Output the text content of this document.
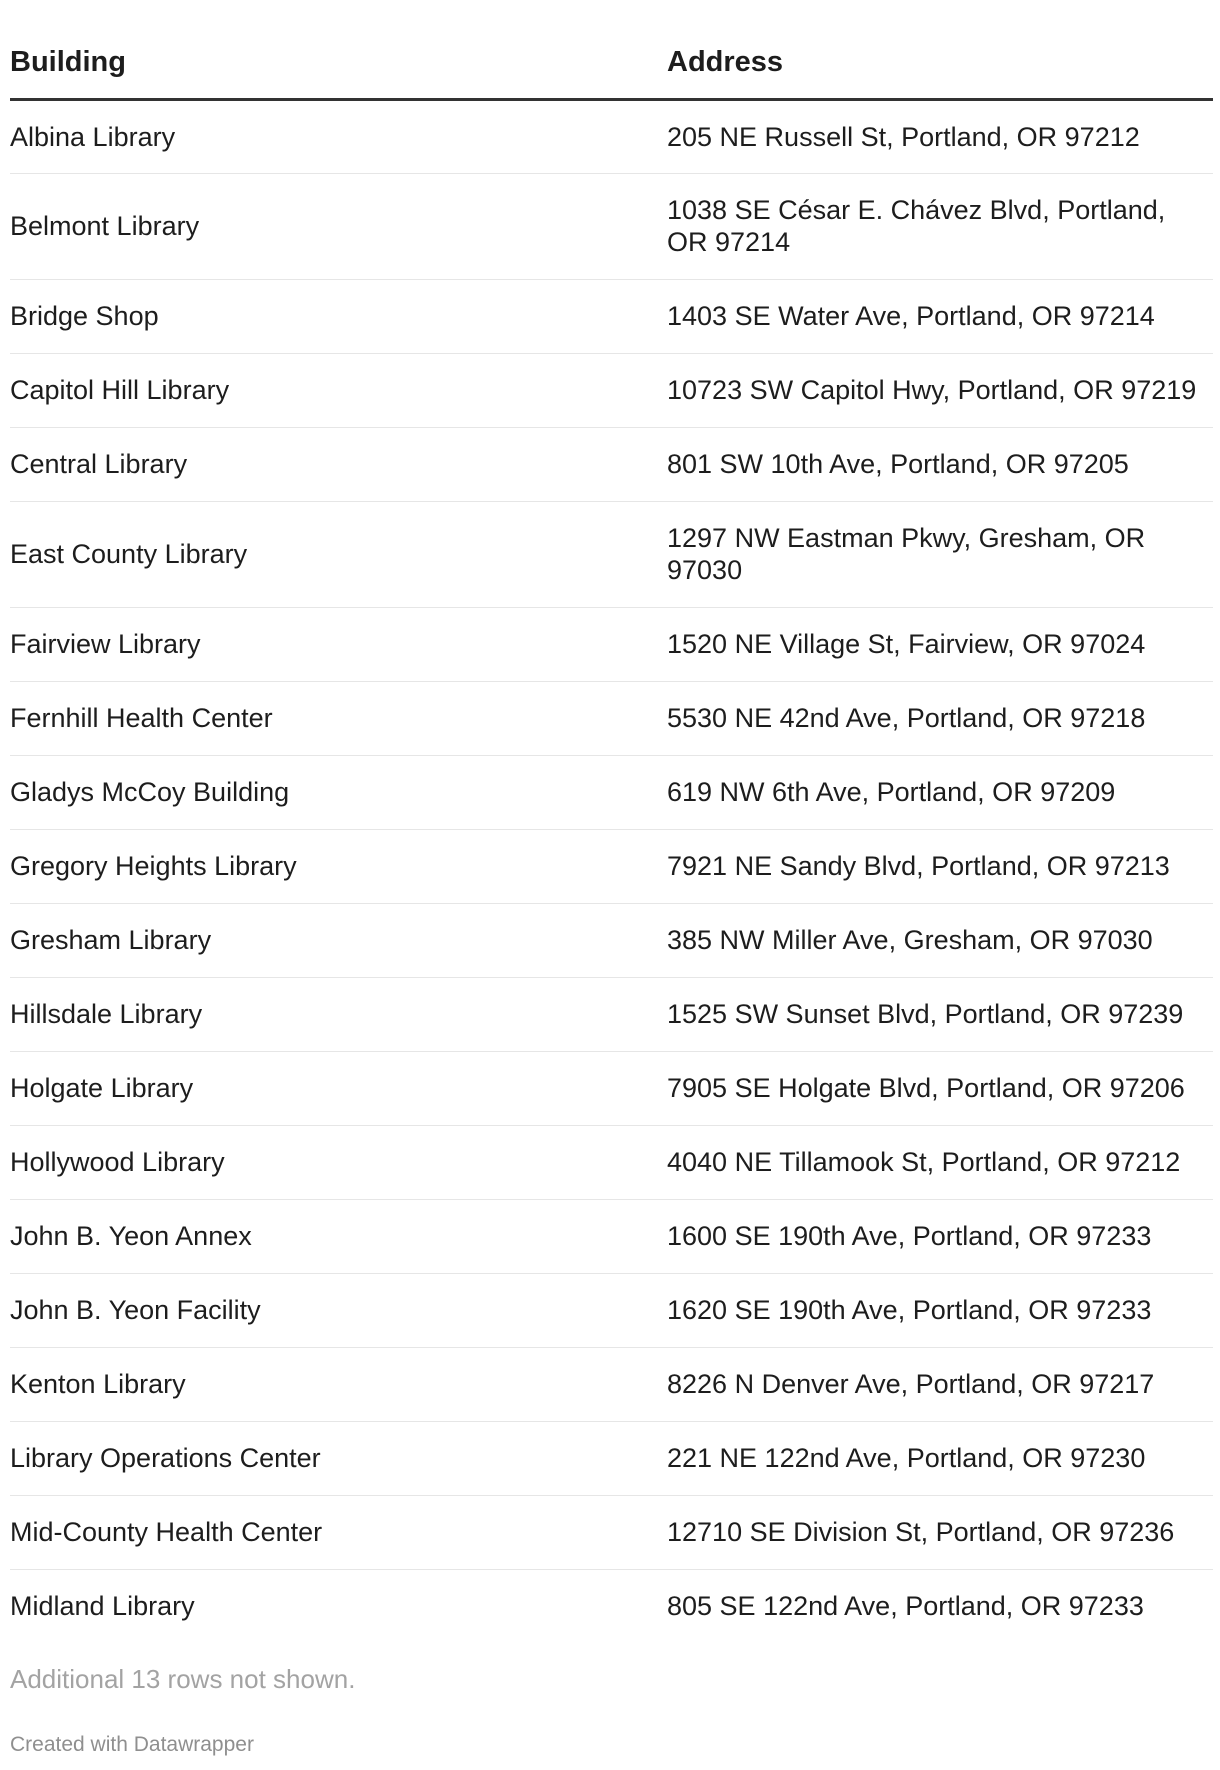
Building	Address
Albina Library	205 NE Russell St, Portland, OR 97212
Belmont Library	1038 SE César E. Chávez Blvd, Portland, OR 97214
Bridge Shop	1403 SE Water Ave, Portland, OR 97214
Capitol Hill Library	10723 SW Capitol Hwy, Portland, OR 97219
Central Library	801 SW 10th Ave, Portland, OR 97205
East County Library	1297 NW Eastman Pkwy, Gresham, OR 97030
Fairview Library	1520 NE Village St, Fairview, OR 97024
Fernhill Health Center	5530 NE 42nd Ave, Portland, OR 97218
Gladys McCoy Building	619 NW 6th Ave, Portland, OR 97209
Gregory Heights Library	7921 NE Sandy Blvd, Portland, OR 97213
Gresham Library	385 NW Miller Ave, Gresham, OR 97030
Hillsdale Library	1525 SW Sunset Blvd, Portland, OR 97239
Holgate Library	7905 SE Holgate Blvd, Portland, OR 97206
Hollywood Library	4040 NE Tillamook St, Portland, OR 97212
John B. Yeon Annex	1600 SE 190th Ave, Portland, OR 97233
John B. Yeon Facility	1620 SE 190th Ave, Portland, OR 97233
Kenton Library	8226 N Denver Ave, Portland, OR 97217
Library Operations Center	221 NE 122nd Ave, Portland, OR 97230
Mid-County Health Center	12710 SE Division St, Portland, OR 97236
Midland Library	805 SE 122nd Ave, Portland, OR 97233
Additional 13 rows not shown.
Created with Datawrapper
